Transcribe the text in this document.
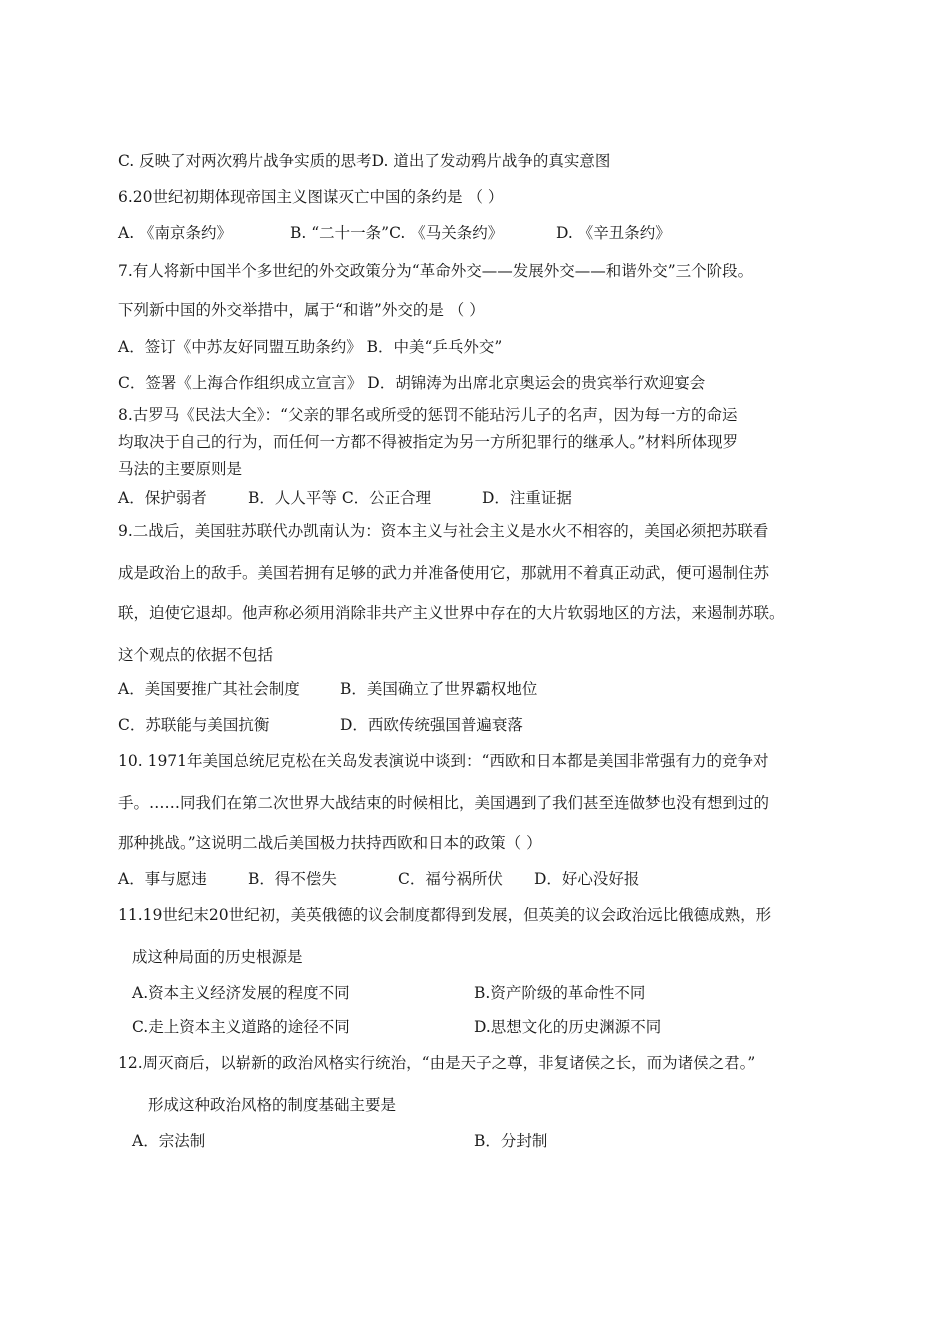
C. 反映了对两次鸦片战争实质的思考D. 道出了发动鸦片战争的真实意图
6.20世纪初期体现帝国主义图谋灭亡中国的条约是 （ ）
A. 《南京条约》	B. “二十一条”C. 《马关条约》	D. 《辛丑条约》
7.有人将新中国半个多世纪的外交政策分为“革命外交——发展外交——和谐外交”三个阶段。
下列新中国的外交举措中，属于“和谐”外交的是 （ ）
A．签订《中苏友好同盟互助条约》 B．中美“乒乓外交”
C．签署《上海合作组织成立宣言》 D．胡锦涛为出席北京奥运会的贵宾举行欢迎宴会
8.古罗马《民法大全》：“父亲的罪名或所受的惩罚不能玷污儿子的名声，因为每一方的命运
均取决于自己的行为，而任何一方都不得被指定为另一方所犯罪行的继承人。”材料所体现罗
马法的主要原则是
A．保护弱者	B．人人平等 C．公正合理	D．注重证据
9.二战后，美国驻苏联代办凯南认为：资本主义与社会主义是水火不相容的，美国必须把苏联看
成是政治上的敌手。美国若拥有足够的武力并准备使用它，那就用不着真正动武，便可遏制住苏
联，迫使它退却。他声称必须用消除非共产主义世界中存在的大片软弱地区的方法，来遏制苏联。
这个观点的依据不包括
A．美国要推广其社会制度	B．美国确立了世界霸权地位
C．苏联能与美国抗衡	D．西欧传统强国普遍衰落
10. 1971年美国总统尼克松在关岛发表演说中谈到：“西欧和日本都是美国非常强有力的竞争对
手。……同我们在第二次世界大战结束的时候相比，美国遇到了我们甚至连做梦也没有想到过的
那种挑战。”这说明二战后美国极力扶持西欧和日本的政策（ ）
A．事与愿违	B．得不偿失	C．福兮祸所伏 D．好心没好报
11.19世纪末20世纪初，美英俄德的议会制度都得到发展，但英美的议会政治远比俄德成熟，形
成这种局面的历史根源是
A.资本主义经济发展的程度不同	B.资产阶级的革命性不同
C.走上资本主义道路的途径不同	D.思想文化的历史渊源不同
12.周灭商后，以崭新的政治风格实行统治，“由是天子之尊，非复诸侯之长，而为诸侯之君。”
形成这种政治风格的制度基础主要是
A．宗法制	B．分封制
